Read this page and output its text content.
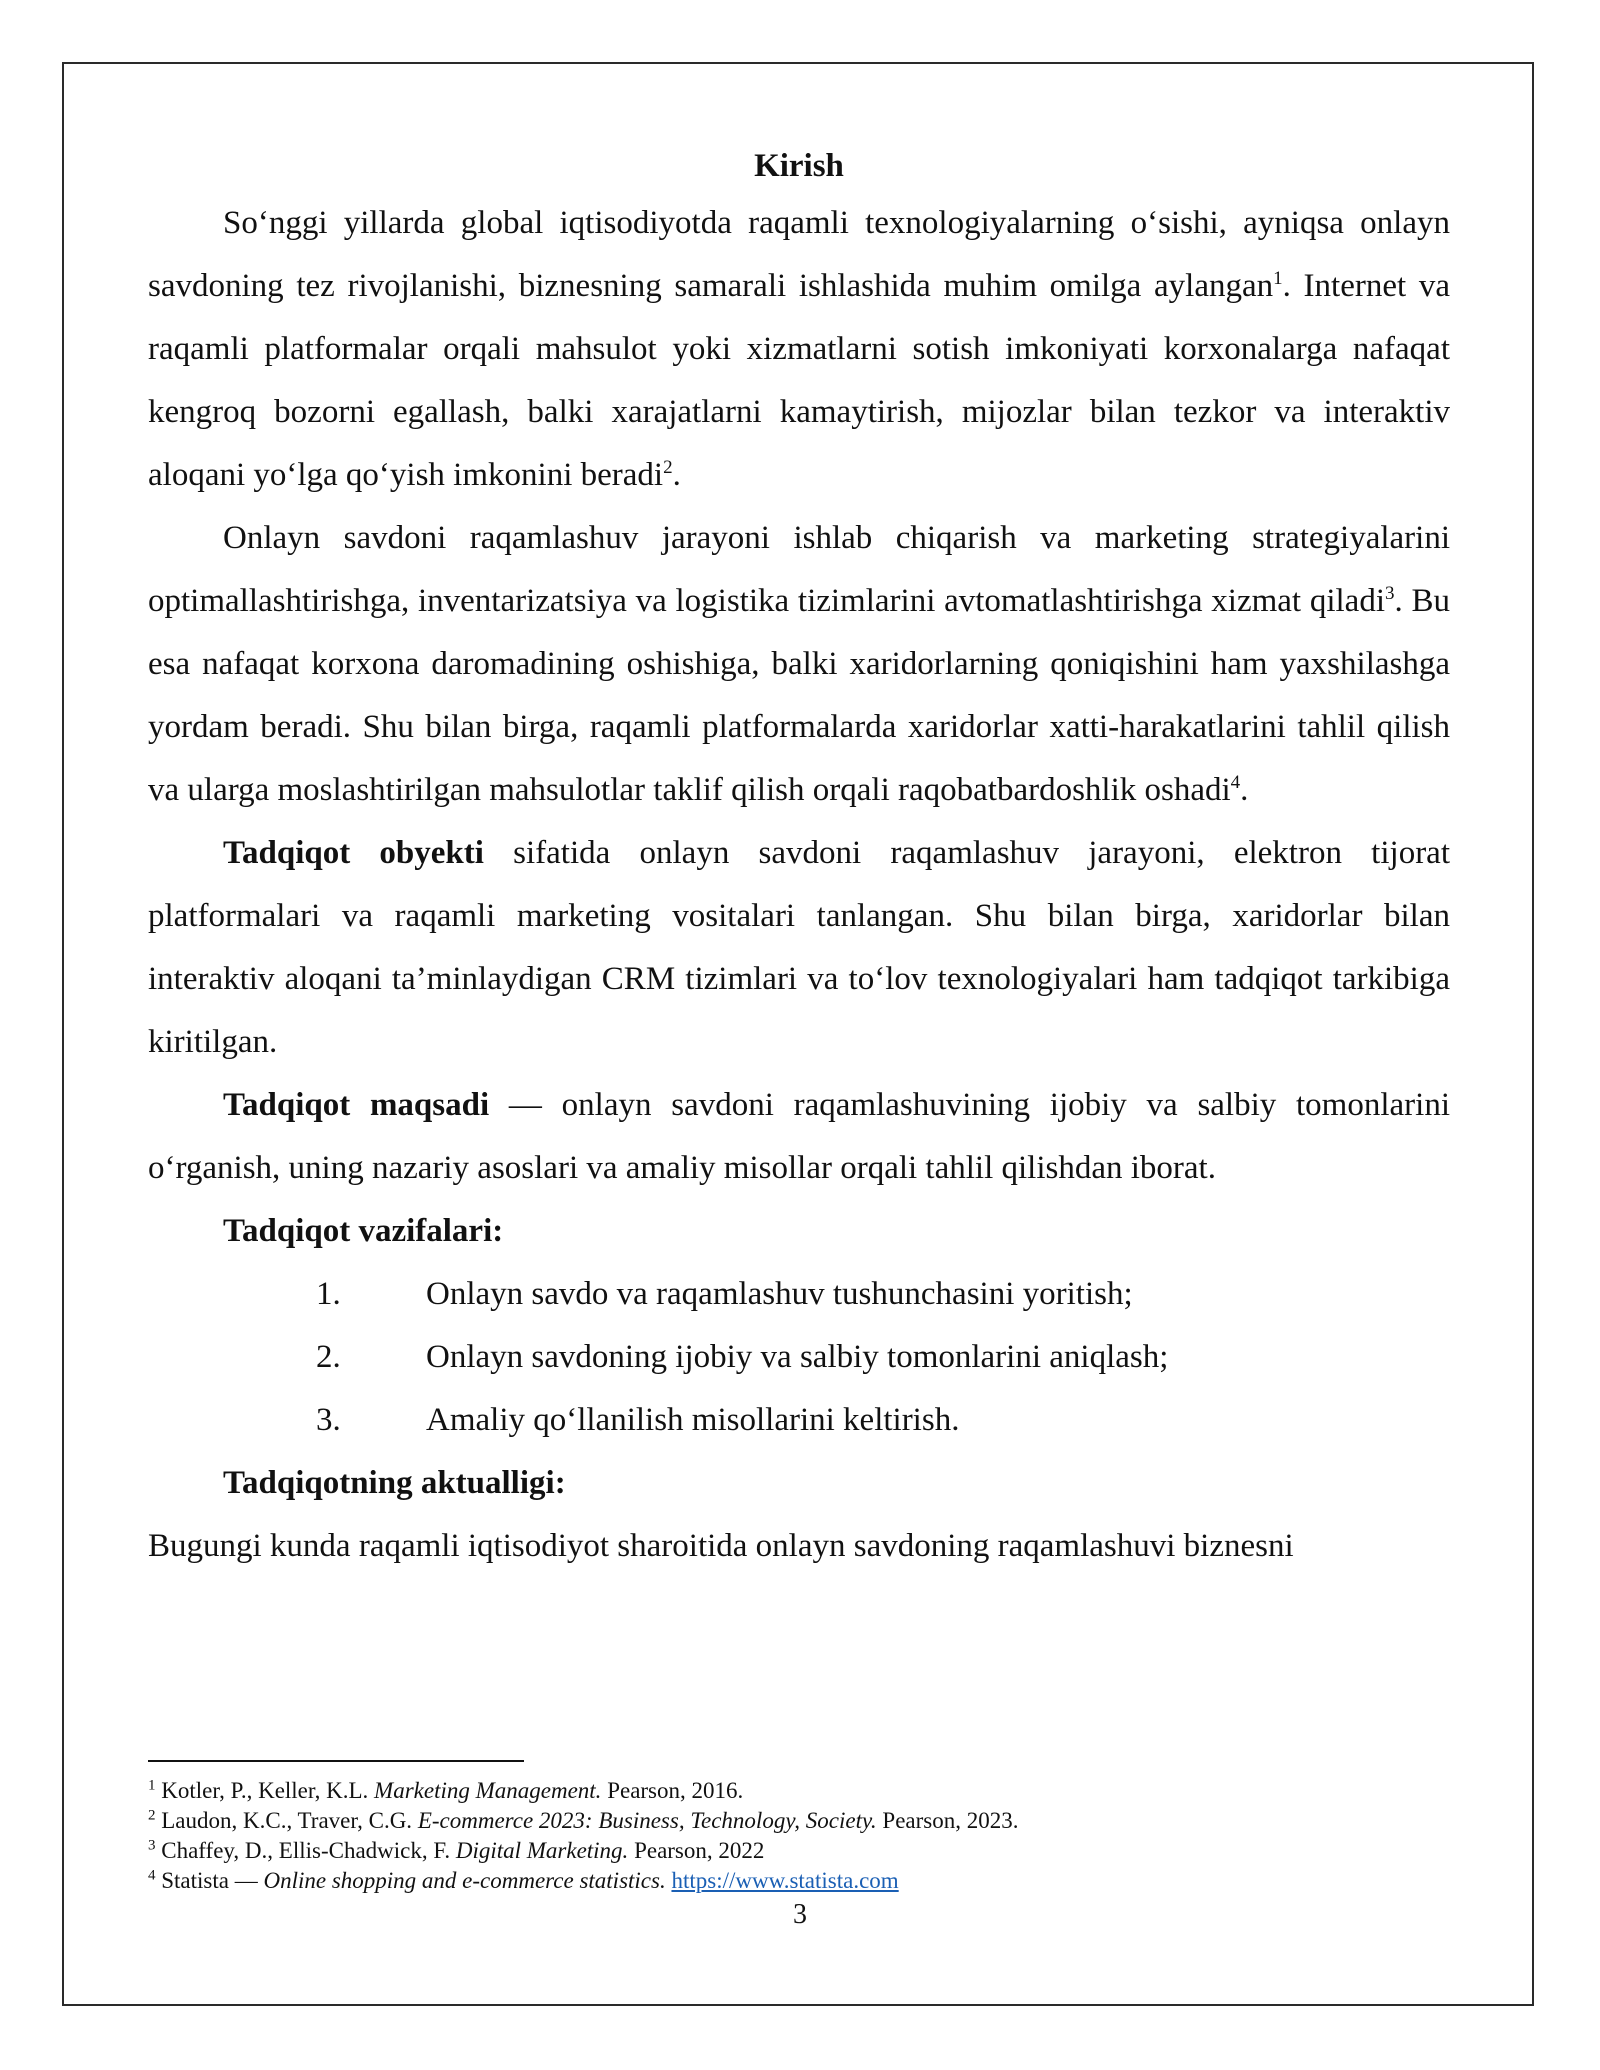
Kirish

So‘nggi yillarda global iqtisodiyotda raqamli texnologiyalarning o‘sishi, ayniqsa onlayn savdoning tez rivojlanishi, biznesning samarali ishlashida muhim omilga aylangan$^1$. Internet va raqamli platformalar orqali mahsulot yoki xizmatlarni sotish imkoniyati korxonalarga nafaqat kengroq bozorni egallash, balki xarajatlarni kamaytirish, mijozlar bilan tezkor va interaktiv aloqani yo‘lga qo‘yish imkonini beradi$^2$.

Onlayn savdoni raqamlashuv jarayoni ishlab chiqarish va marketing strategiyalarini optimallashtirishga, inventarizatsiya va logistika tizimlarini avtomatlashtirishga xizmat qiladi$^3$. Bu esa nafaqat korxona daromadining oshishiga, balki xaridorlarning qoniqishini ham yaxshilashga yordam beradi. Shu bilan birga, raqamli platformalarda xaridorlar xatti-harakatlarini tahlil qilish va ularga moslashtirilgan mahsulotlar taklif qilish orqali raqobatbardoshlik oshadi$^4$.

Tadqiqot obyekti sifatida onlayn savdoni raqamlashuv jarayoni, elektron tijorat platformalari va raqamli marketing vositalari tanlangan. Shu bilan birga, xaridorlar bilan interaktiv aloqani ta’minlaydigan CRM tizimlari va to‘lov texnologiyalari ham tadqiqot tarkibiga kiritilgan.

Tadqiqot maqsadi — onlayn savdoni raqamlashuvining ijobiy va salbiy tomonlarini o‘rganish, uning nazariy asoslari va amaliy misollar orqali tahlil qilishdan iborat.

Tadqiqot vazifalari:
1.	Onlayn savdo va raqamlashuv tushunchasini yoritish;
2.	Onlayn savdoning ijobiy va salbiy tomonlarini aniqlash;
3.	Amaliy qo‘llanilish misollarini keltirish.
Tadqiqotning aktualligi:

Bugungi kunda raqamli iqtisodiyot sharoitida onlayn savdoning raqamlashuvi biznesni

$^1$ Kotler, P., Keller, K.L. Marketing Management. Pearson, 2016.

$^2$ Laudon, K.C., Traver, C.G. E-commerce 2023: Business, Technology, Society. Pearson, 2023.

$^3$ Chaffey, D., Ellis-Chadwick, F. Digital Marketing. Pearson, 2022

$^4$ Statista — Online shopping and e-commerce statistics. https://www.statista.com

3
